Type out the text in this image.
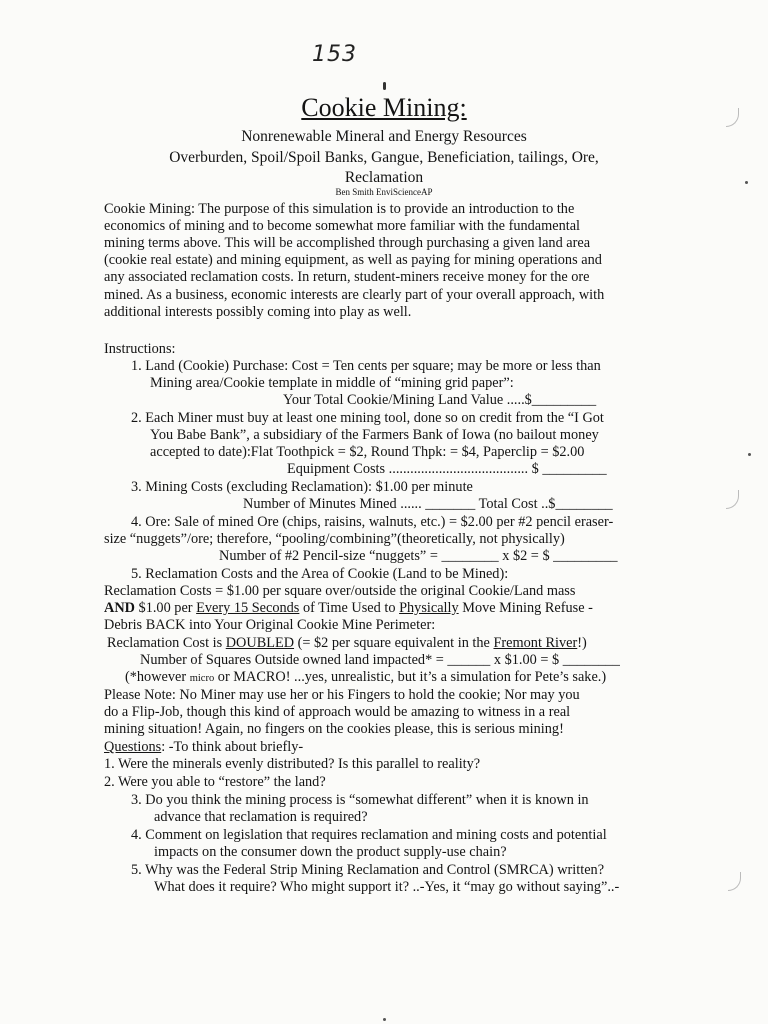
153
Cookie Mining:
Nonrenewable Mineral and Energy Resources
Overburden, Spoil/Spoil Banks, Gangue, Beneficiation, tailings, Ore,
Reclamation
Ben Smith EnviScienceAP
Cookie Mining: The purpose of this simulation is to provide an introduction to the
economics of mining and to become somewhat more familiar with the fundamental
mining terms above. This will be accomplished through purchasing a given land area
(cookie real estate) and mining equipment, as well as paying for mining operations and
any associated reclamation costs. In return, student-miners receive money for the ore
mined. As a business, economic interests are clearly part of your overall approach, with
additional interests possibly coming into play as well.
Instructions:
1. Land (Cookie) Purchase: Cost = Ten cents per square; may be more or less than
Mining area/Cookie template in middle of “mining grid paper”:
Your Total Cookie/Mining Land Value .....$_________
2. Each Miner must buy at least one mining tool, done so on credit from the “I Got
You Babe Bank”, a subsidiary of the Farmers Bank of Iowa (no bailout money
accepted to date):Flat Toothpick = $2, Round Thpk: = $4, Paperclip = $2.00
Equipment Costs ....................................... $ _________
3. Mining Costs (excluding Reclamation): $1.00 per minute
Number of Minutes Mined ...... _______ Total Cost ..$________
4. Ore: Sale of mined Ore (chips, raisins, walnuts, etc.) = $2.00 per #2 pencil eraser-
size “nuggets”/ore; therefore, “pooling/combining”(theoretically, not physically)
Number of #2 Pencil-size “nuggets” = ________ x $2 = $ _________
5. Reclamation Costs and the Area of Cookie (Land to be Mined):
Reclamation Costs = $1.00 per square over/outside the original Cookie/Land mass
AND $1.00 per Every 15 Seconds of Time Used to Physically Move Mining Refuse -
Debris BACK into Your Original Cookie Mine Perimeter:
Reclamation Cost is DOUBLED (= $2 per square equivalent in the Fremont River!)
Number of Squares Outside owned land impacted* = ______ x $1.00 = $ ________
(*however micro or MACRO! ...yes, unrealistic, but it’s a simulation for Pete’s sake.)
Please Note: No Miner may use her or his Fingers to hold the cookie; Nor may you
do a Flip-Job, though this kind of approach would be amazing to witness in a real
mining situation! Again, no fingers on the cookies please, this is serious mining!
Questions: -To think about briefly-
1. Were the minerals evenly distributed? Is this parallel to reality?
2. Were you able to “restore” the land?
3. Do you think the mining process is “somewhat different” when it is known in
advance that reclamation is required?
4. Comment on legislation that requires reclamation and mining costs and potential
impacts on the consumer down the product supply-use chain?
5. Why was the Federal Strip Mining Reclamation and Control (SMRCA) written?
What does it require? Who might support it? ..-Yes, it “may go without saying”..-
